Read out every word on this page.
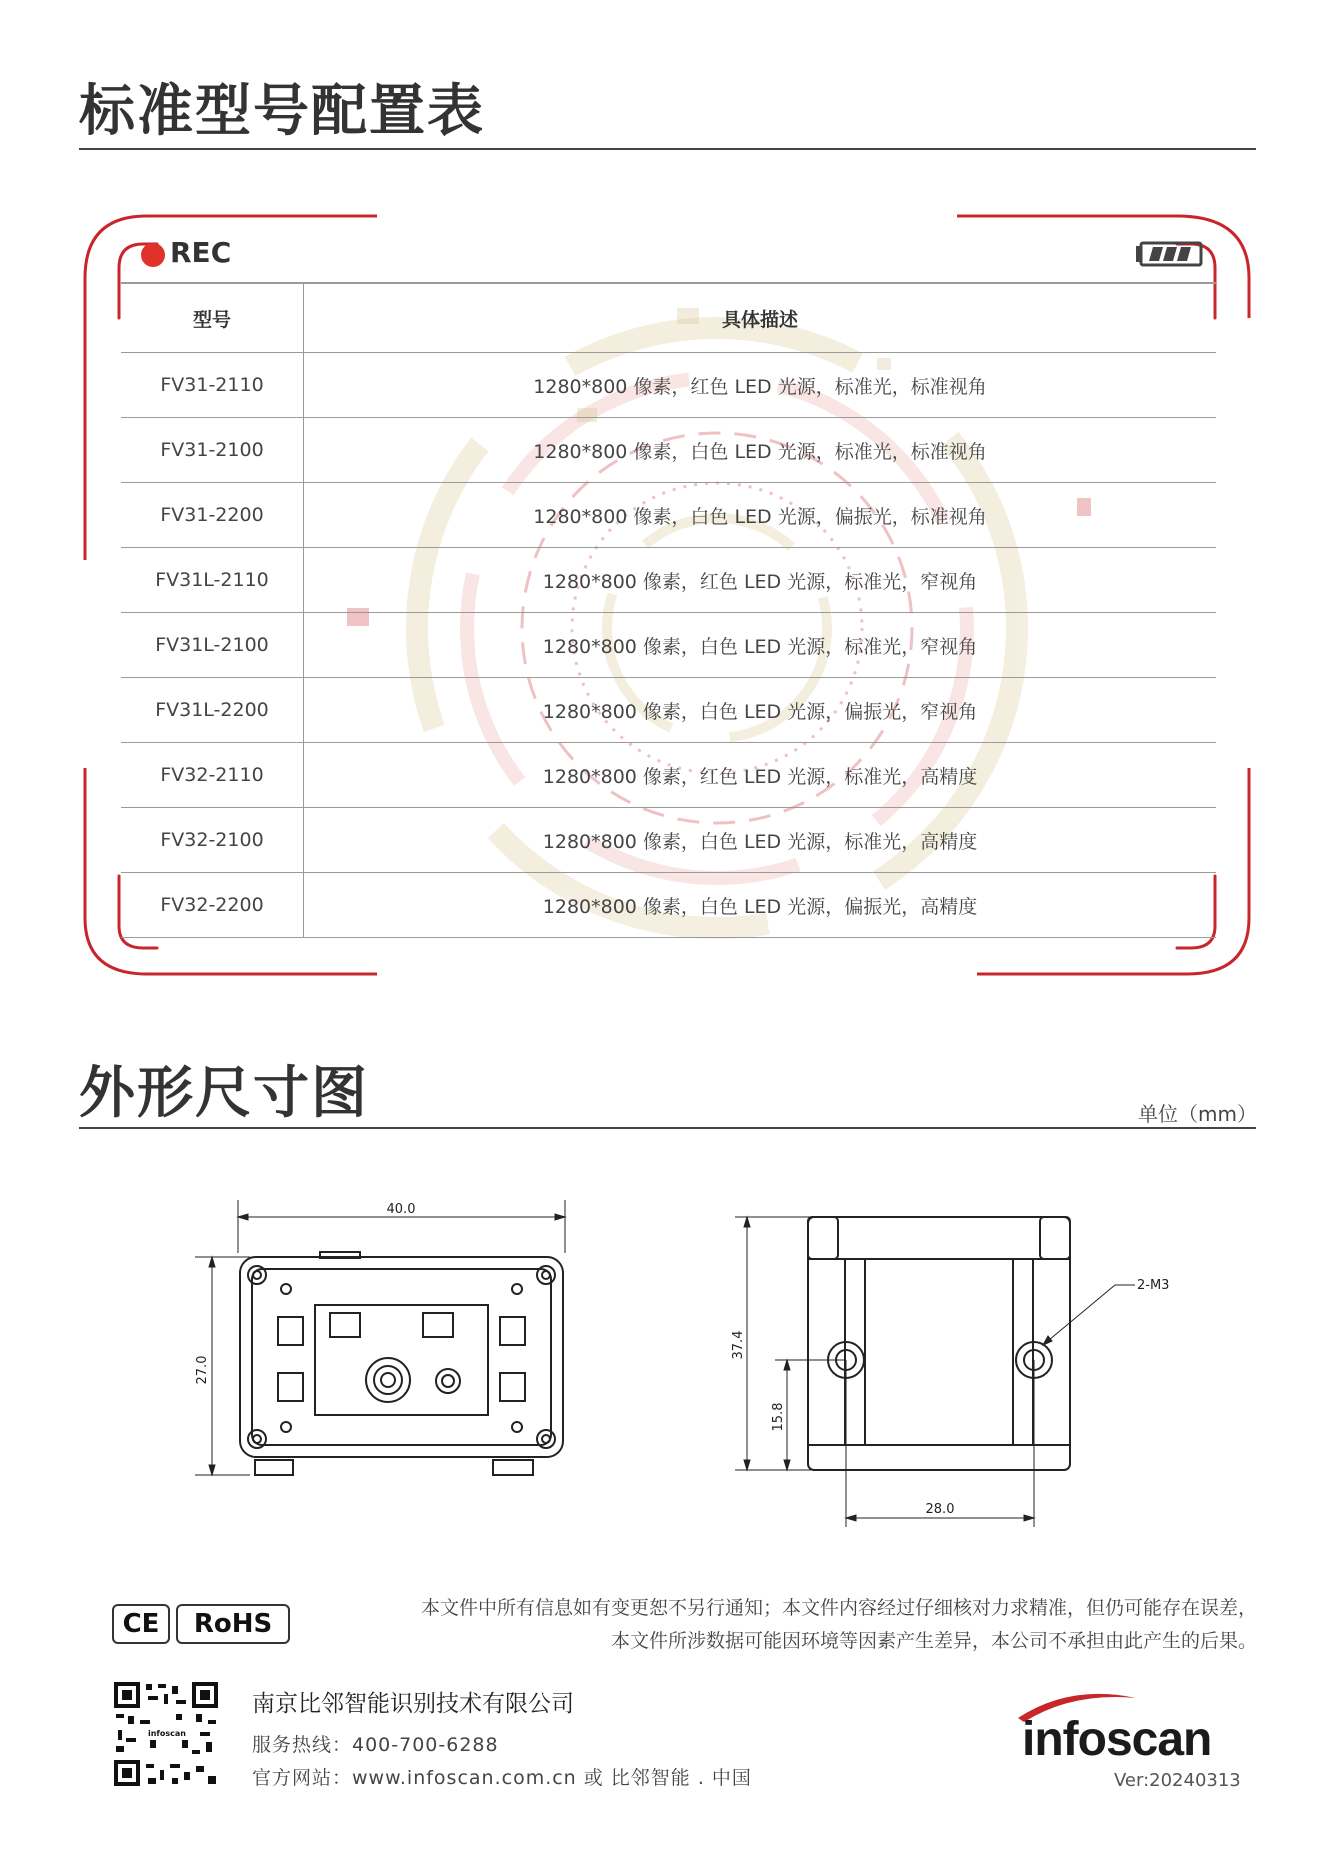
标准型号配置表
REC
型号	具体描述
FV31-2110	1280*800 像素，红色 LED 光源，标准光，标准视角
FV31-2100	1280*800 像素，白色 LED 光源，标准光，标准视角
FV31-2200	1280*800 像素，白色 LED 光源，偏振光，标准视角
FV31L-2110	1280*800 像素，红色 LED 光源，标准光，窄视角
FV31L-2100	1280*800 像素，白色 LED 光源，标准光，窄视角
FV31L-2200	1280*800 像素，白色 LED 光源，偏振光，窄视角
FV32-2110	1280*800 像素，红色 LED 光源，标准光，高精度
FV32-2100	1280*800 像素，白色 LED 光源，标准光，高精度
FV32-2200	1280*800 像素，白色 LED 光源，偏振光，高精度
外形尺寸图	单位（mm）
40.0
27.0
37.4
15.8
28.0
2-M3
CE	RoHS
本文件中所有信息如有变更恕不另行通知；本文件内容经过仔细核对力求精准，但仍可能存在误差，
本文件所涉数据可能因环境等因素产生差异，本公司不承担由此产生的后果。
infoscan
南京比邻智能识别技术有限公司
服务热线：400-700-6288
官方网站：www.infoscan.com.cn 或 比邻智能 . 中国
infoscan
Ver:20240313
